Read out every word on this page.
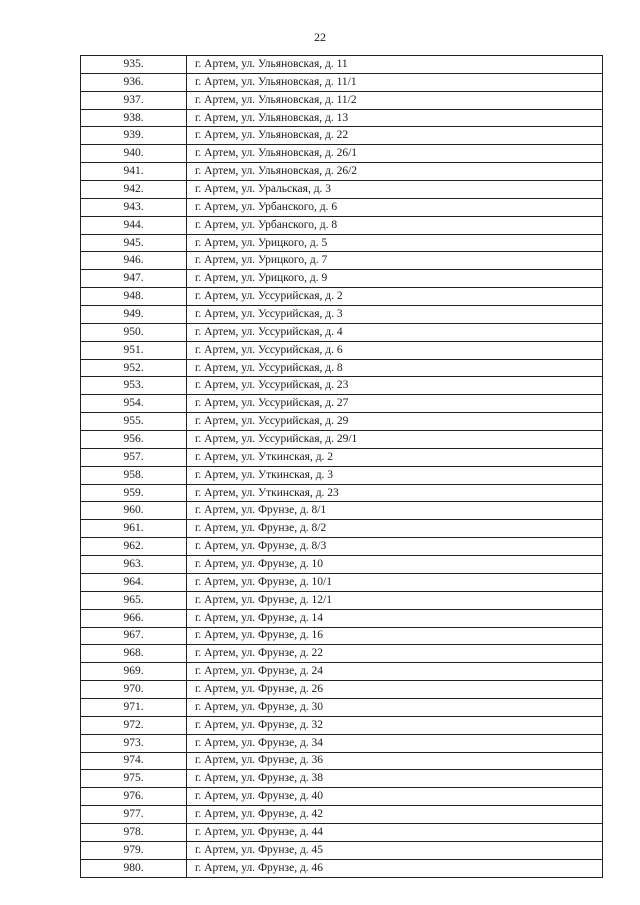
22
935.	г. Артем, ул. Ульяновская, д. 11
936.	г. Артем, ул. Ульяновская, д. 11/1
937.	г. Артем, ул. Ульяновская, д. 11/2
938.	г. Артем, ул. Ульяновская, д. 13
939.	г. Артем, ул. Ульяновская, д. 22
940.	г. Артем, ул. Ульяновская, д. 26/1
941.	г. Артем, ул. Ульяновская, д. 26/2
942.	г. Артем, ул. Уральская, д. 3
943.	г. Артем, ул. Урбанского, д. 6
944.	г. Артем, ул. Урбанского, д. 8
945.	г. Артем, ул. Урицкого, д. 5
946.	г. Артем, ул. Урицкого, д. 7
947.	г. Артем, ул. Урицкого, д. 9
948.	г. Артем, ул. Уссурийская, д. 2
949.	г. Артем, ул. Уссурийская, д. 3
950.	г. Артем, ул. Уссурийская, д. 4
951.	г. Артем, ул. Уссурийская, д. 6
952.	г. Артем, ул. Уссурийская, д. 8
953.	г. Артем, ул. Уссурийская, д. 23
954.	г. Артем, ул. Уссурийская, д. 27
955.	г. Артем, ул. Уссурийская, д. 29
956.	г. Артем, ул. Уссурийская, д. 29/1
957.	г. Артем, ул. Уткинская, д. 2
958.	г. Артем, ул. Уткинская, д. 3
959.	г. Артем, ул. Уткинская, д. 23
960.	г. Артем, ул. Фрунзе, д. 8/1
961.	г. Артем, ул. Фрунзе, д. 8/2
962.	г. Артем, ул. Фрунзе, д. 8/3
963.	г. Артем, ул. Фрунзе, д. 10
964.	г. Артем, ул. Фрунзе, д. 10/1
965.	г. Артем, ул. Фрунзе, д. 12/1
966.	г. Артем, ул. Фрунзе, д. 14
967.	г. Артем, ул. Фрунзе, д. 16
968.	г. Артем, ул. Фрунзе, д. 22
969.	г. Артем, ул. Фрунзе, д. 24
970.	г. Артем, ул. Фрунзе, д. 26
971.	г. Артем, ул. Фрунзе, д. 30
972.	г. Артем, ул. Фрунзе, д. 32
973.	г. Артем, ул. Фрунзе, д. 34
974.	г. Артем, ул. Фрунзе, д. 36
975.	г. Артем, ул. Фрунзе, д. 38
976.	г. Артем, ул. Фрунзе, д. 40
977.	г. Артем, ул. Фрунзе, д. 42
978.	г. Артем, ул. Фрунзе, д. 44
979.	г. Артем, ул. Фрунзе, д. 45
980.	г. Артем, ул. Фрунзе, д. 46
